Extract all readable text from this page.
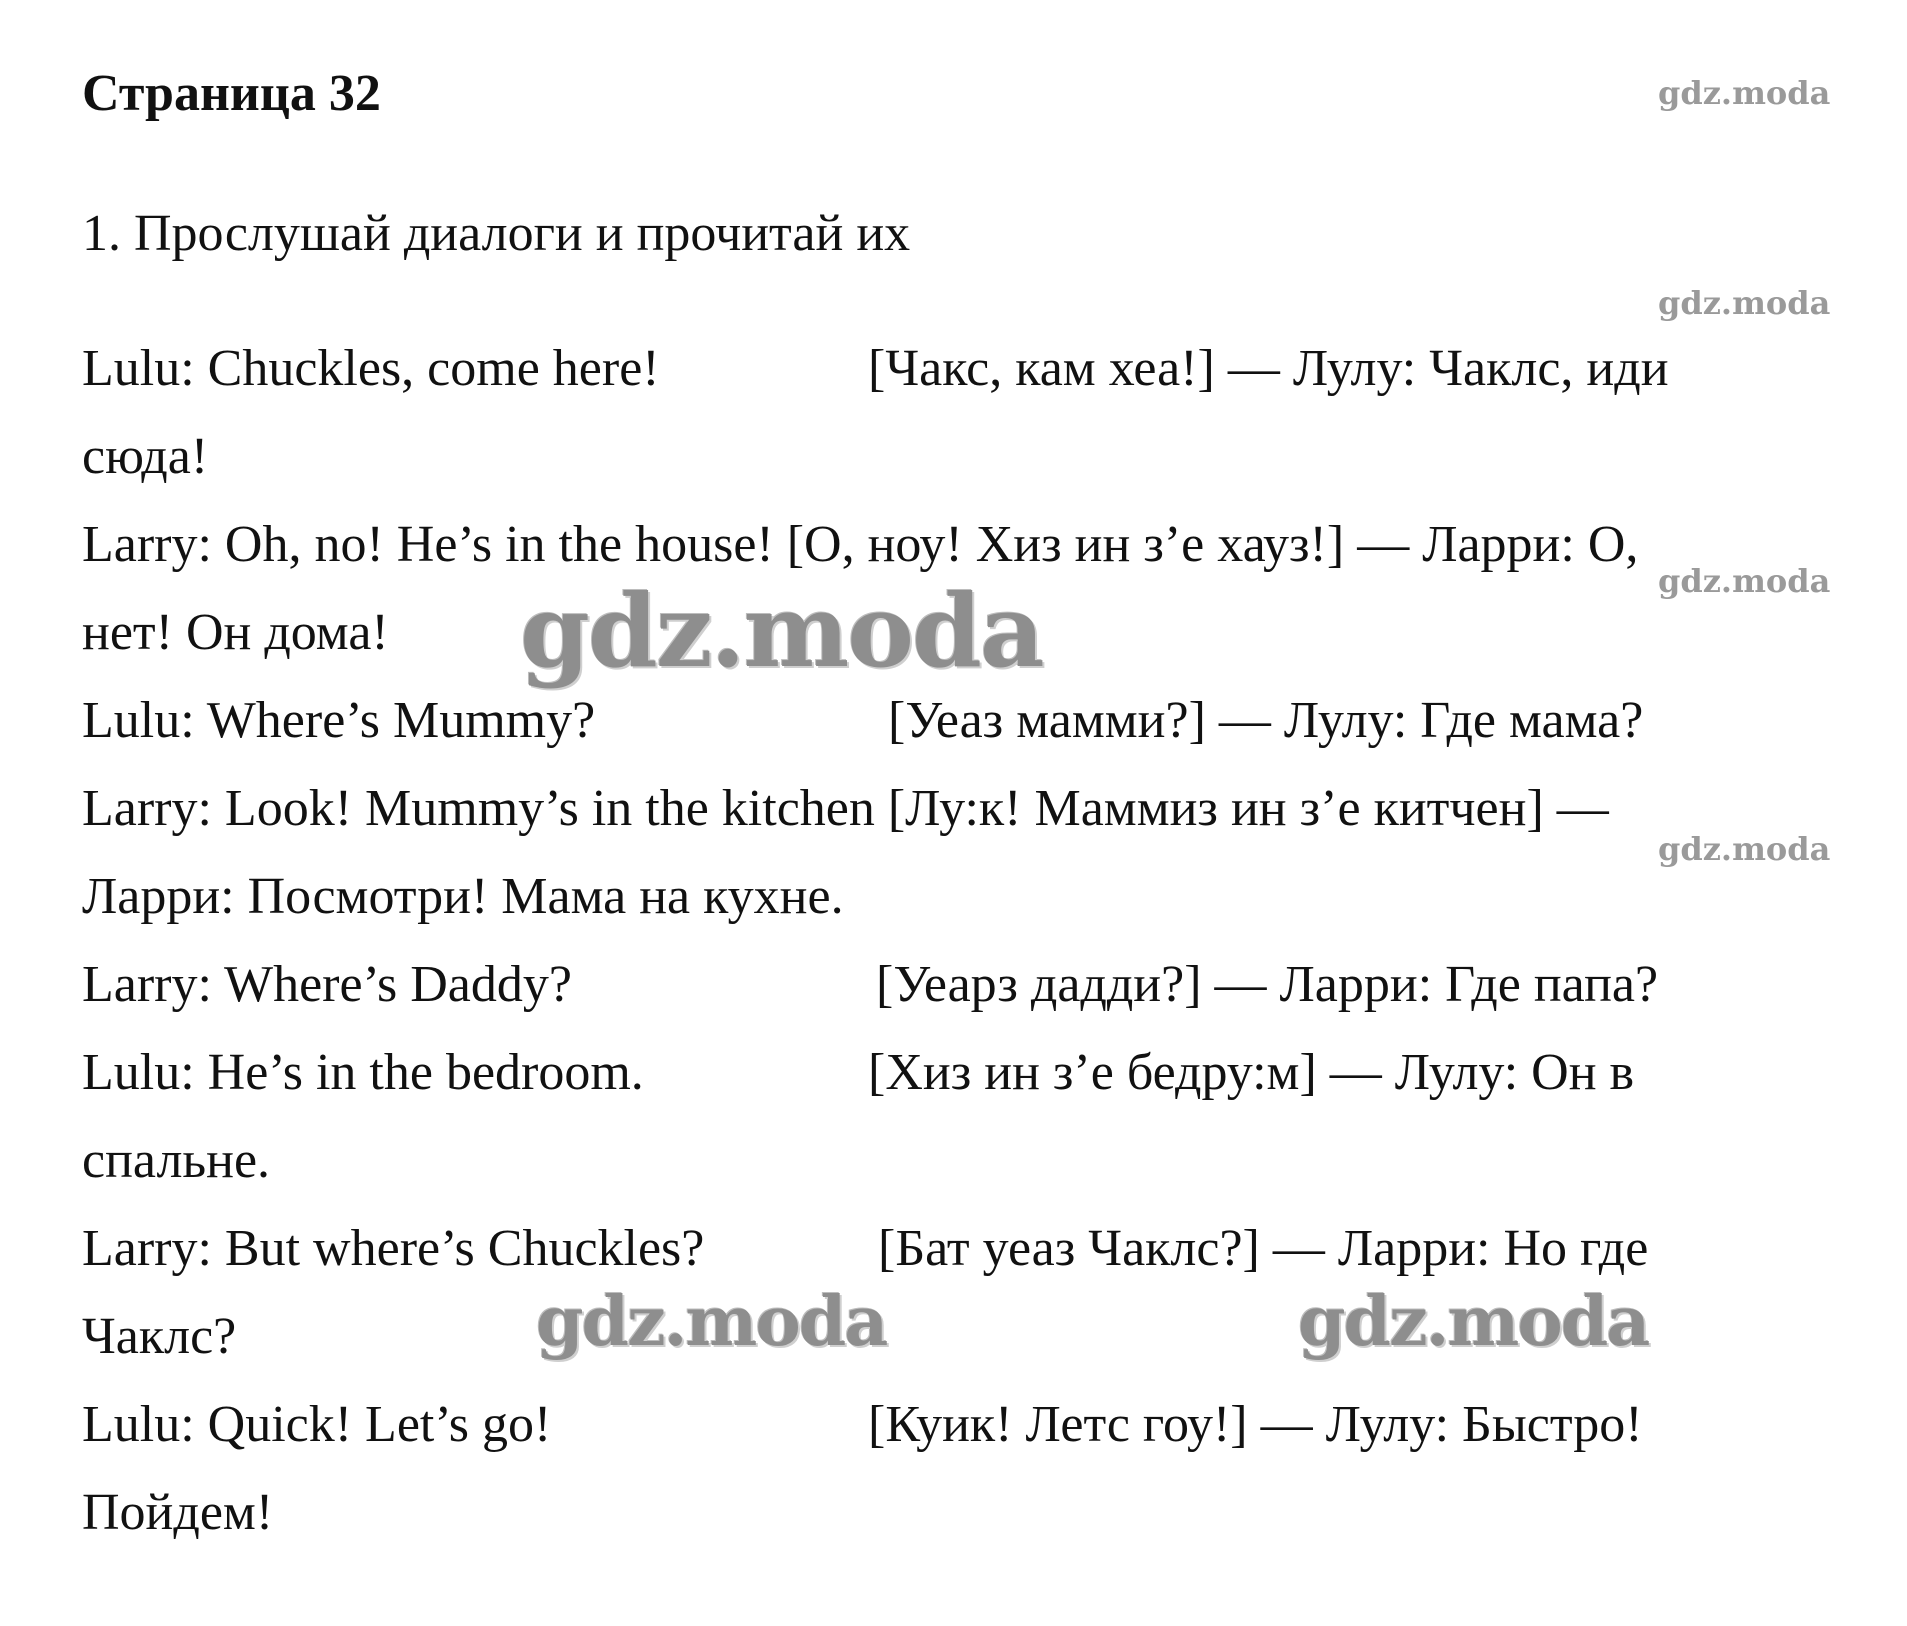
Страница 32
1. Прослушай диалоги и прочитай их
Lulu: Chuckles, come here!	[Чакс, кам хеа!] — Лулу: Чаклс, иди
сюда!
Larry: Oh, no! He’s in the house! [О, ноу! Хиз ин з’е хауз!] — Ларри: О,
нет! Он дома!
Lulu: Where’s Mummy?	[Уеаз мамми?] — Лулу: Где мама?
Larry: Look! Mummy’s in the kitchen [Лу:к! Маммиз ин з’е китчен] —
Ларри: Посмотри! Мама на кухне.
Larry: Where’s Daddy?	[Уеарз дадди?] — Ларри: Где папа?
Lulu: He’s in the bedroom.	[Хиз ин з’е бедру:м] — Лулу: Он в
спальне.
Larry: But where’s Chuckles?	[Бат уеаз Чаклс?] — Ларри: Но где
Чаклс?
Lulu: Quick! Let’s go!	[Куик! Летс гоу!] — Лулу: Быстро!
Пойдем!
gdz.moda
gdz.moda
gdz.moda
gdz.moda
gdz.moda
gdz.moda	gdz.moda
